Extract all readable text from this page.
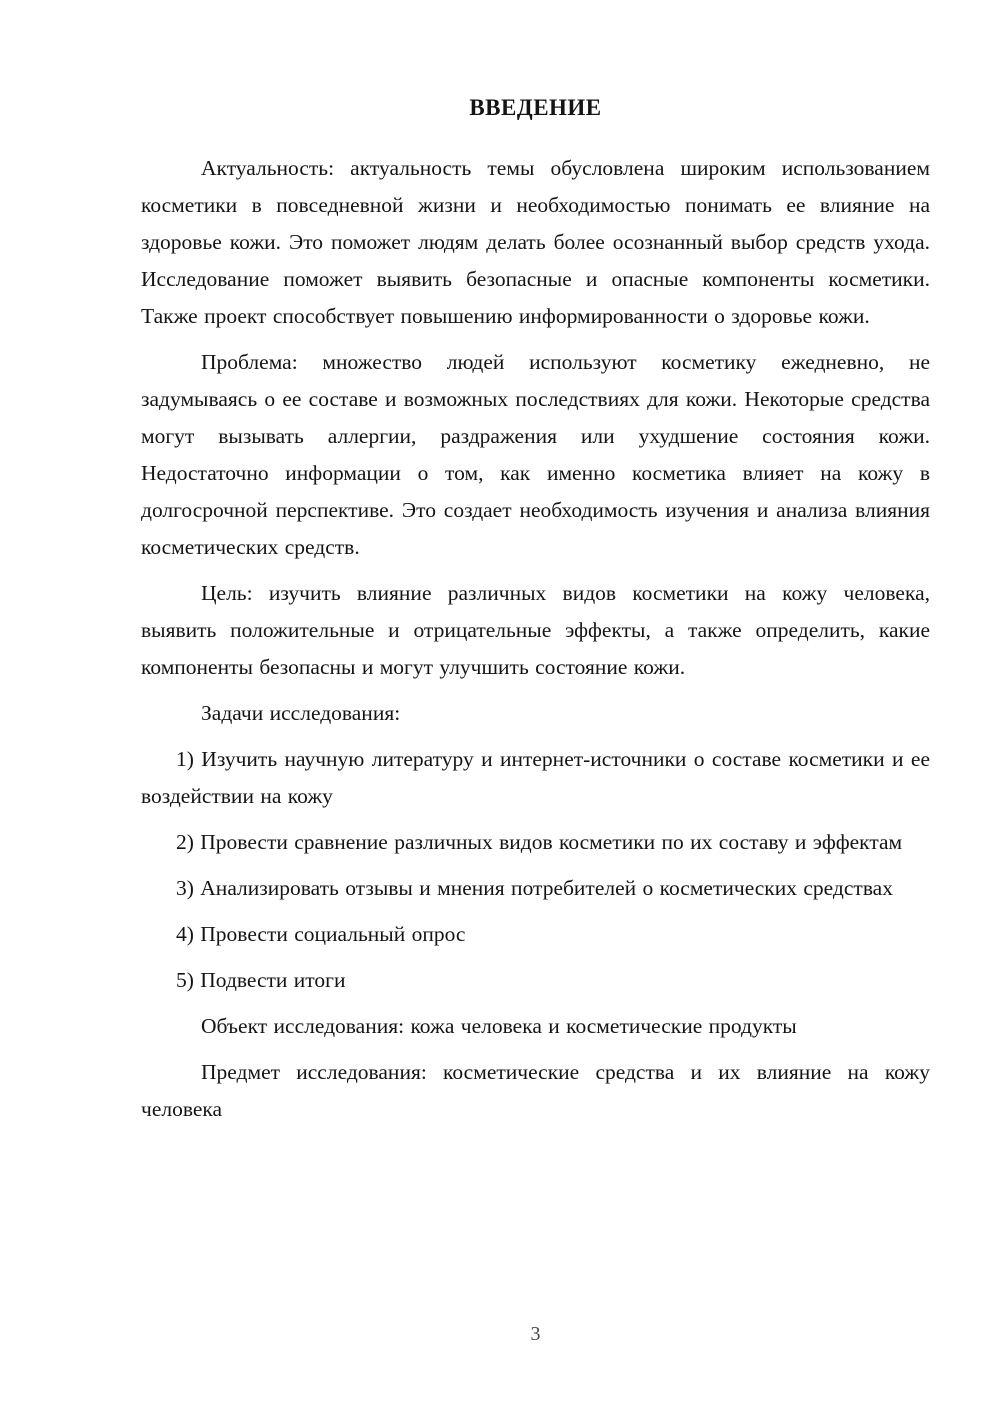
ВВЕДЕНИЕ

Актуальность: актуальность темы обусловлена широким использованием косметики в повседневной жизни и необходимостью понимать ее влияние на здоровье кожи. Это поможет людям делать более осознанный выбор средств ухода. Исследование поможет выявить безопасные и опасные компоненты косметики. Также проект способствует повышению информированности о здоровье кожи.

Проблема: множество людей используют косметику ежедневно, не задумываясь о ее составе и возможных последствиях для кожи. Некоторые средства могут вызывать аллергии, раздражения или ухудшение состояния кожи. Недостаточно информации о том, как именно косметика влияет на кожу в долгосрочной перспективе. Это создает необходимость изучения и анализа влияния косметических средств.

Цель: изучить влияние различных видов косметики на кожу человека, выявить положительные и отрицательные эффекты, а также определить, какие компоненты безопасны и могут улучшить состояние кожи.

Задачи исследования:

1) Изучить научную литературу и интернет-источники о составе косметики и ее воздействии на кожу

2) Провести сравнение различных видов косметики по их составу и эффектам

3) Анализировать отзывы и мнения потребителей о косметических средствах

4) Провести социальный опрос

5) Подвести итоги

Объект исследования: кожа человека и косметические продукты

Предмет исследования: косметические средства и их влияние на кожу человека

3
